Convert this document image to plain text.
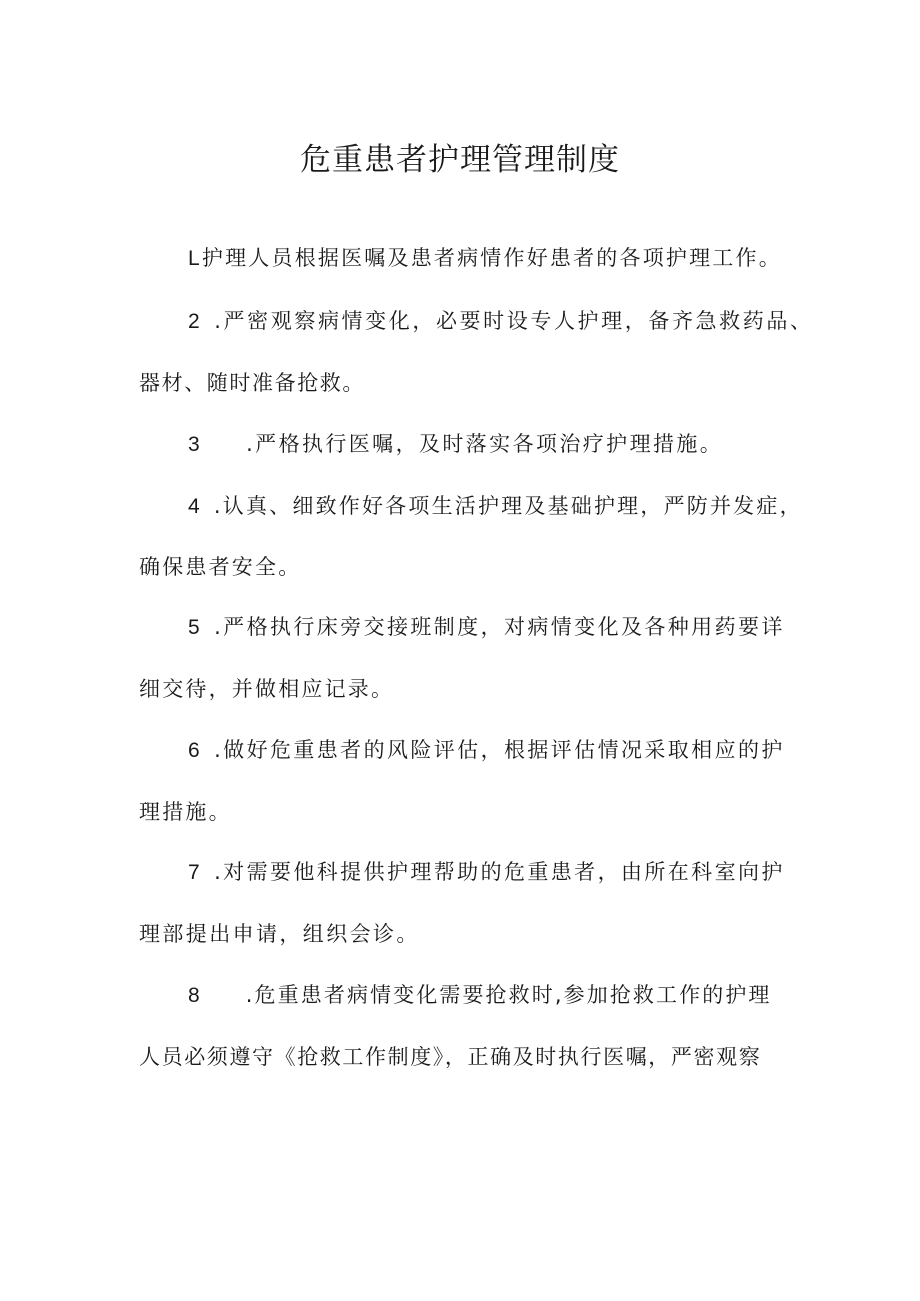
危重患者护理管理制度

L护理人员根据医嘱及患者病情作好患者的各项护理工作。

2 .严密观察病情变化，必要时设专人护理，备齐急救药品、

器材、随时准备抢救。

3 .严格执行医嘱，及时落实各项治疗护理措施。

4 .认真、细致作好各项生活护理及基础护理，严防并发症，

确保患者安全。

5 .严格执行床旁交接班制度，对病情变化及各种用药要详

细交待，并做相应记录。

6 .做好危重患者的风险评估，根据评估情况采取相应的护

理措施。

7 .对需要他科提供护理帮助的危重患者，由所在科室向护

理部提出申请，组织会诊。

8 .危重患者病情变化需要抢救时,参加抢救工作的护理

人员必须遵守《抢救工作制度》，正确及时执行医嘱，严密观察
